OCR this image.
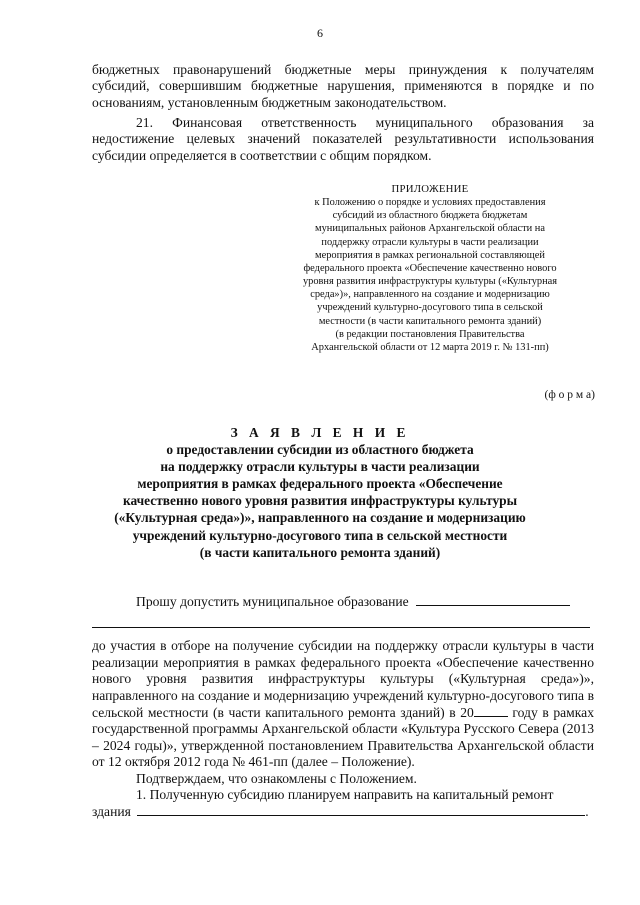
6

бюджетных правонарушений бюджетные меры принуждения к получателям субсидий, совершившим бюджетные нарушения, применяются в порядке и по основаниям, установленным бюджетным законодательством.

21. Финансовая ответственность муниципального образования за недостижение целевых значений показателей результативности использования субсидии определяется в соответствии с общим порядком.

ПРИЛОЖЕНИЕ
к Положению о порядке и условиях предоставления
субсидий из областного бюджета бюджетам
муниципальных районов Архангельской области на
поддержку отрасли культуры в части реализации
мероприятия в рамках региональной составляющей
федерального проекта «Обеспечение качественно нового
уровня развития инфраструктуры культуры («Культурная
среда»)», направленного на создание и модернизацию
учреждений культурно-досугового типа в сельской
местности (в части капитального ремонта зданий)
(в редакции постановления Правительства
Архангельской области от 12 марта 2019 г. № 131-пп)
(ф о р м а)
З А Я В Л Е Н И Е
о предоставлении субсидии из областного бюджета
на поддержку отрасли культуры в части реализации
мероприятия в рамках федерального проекта «Обеспечение
качественно нового уровня развития инфраструктуры культуры
(«Культурная среда»)», направленного на создание и модернизацию
учреждений культурно-досугового типа в сельской местности
(в части капитального ремонта зданий)
Прошу допустить муниципальное образование
до участия в отборе на получение субсидии на поддержку отрасли культуры в части реализации мероприятия в рамках федерального проекта «Обеспечение качественно нового уровня развития инфраструктуры культуры («Культурная среда»)», направленного на создание и модернизацию учреждений культурно-досугового типа в сельской местности (в части капитального ремонта зданий) в 20	году в рамках государственной программы Архангельской области «Культура Русского Севера (2013 – 2024 годы)», утвержденной постановлением Правительства Архангельской области от 12 октября 2012 года № 461-пп (далее – Положение).
Подтверждаем, что ознакомлены с Положением.
1. Полученную субсидию планируем направить на капитальный ремонт
здания	.
